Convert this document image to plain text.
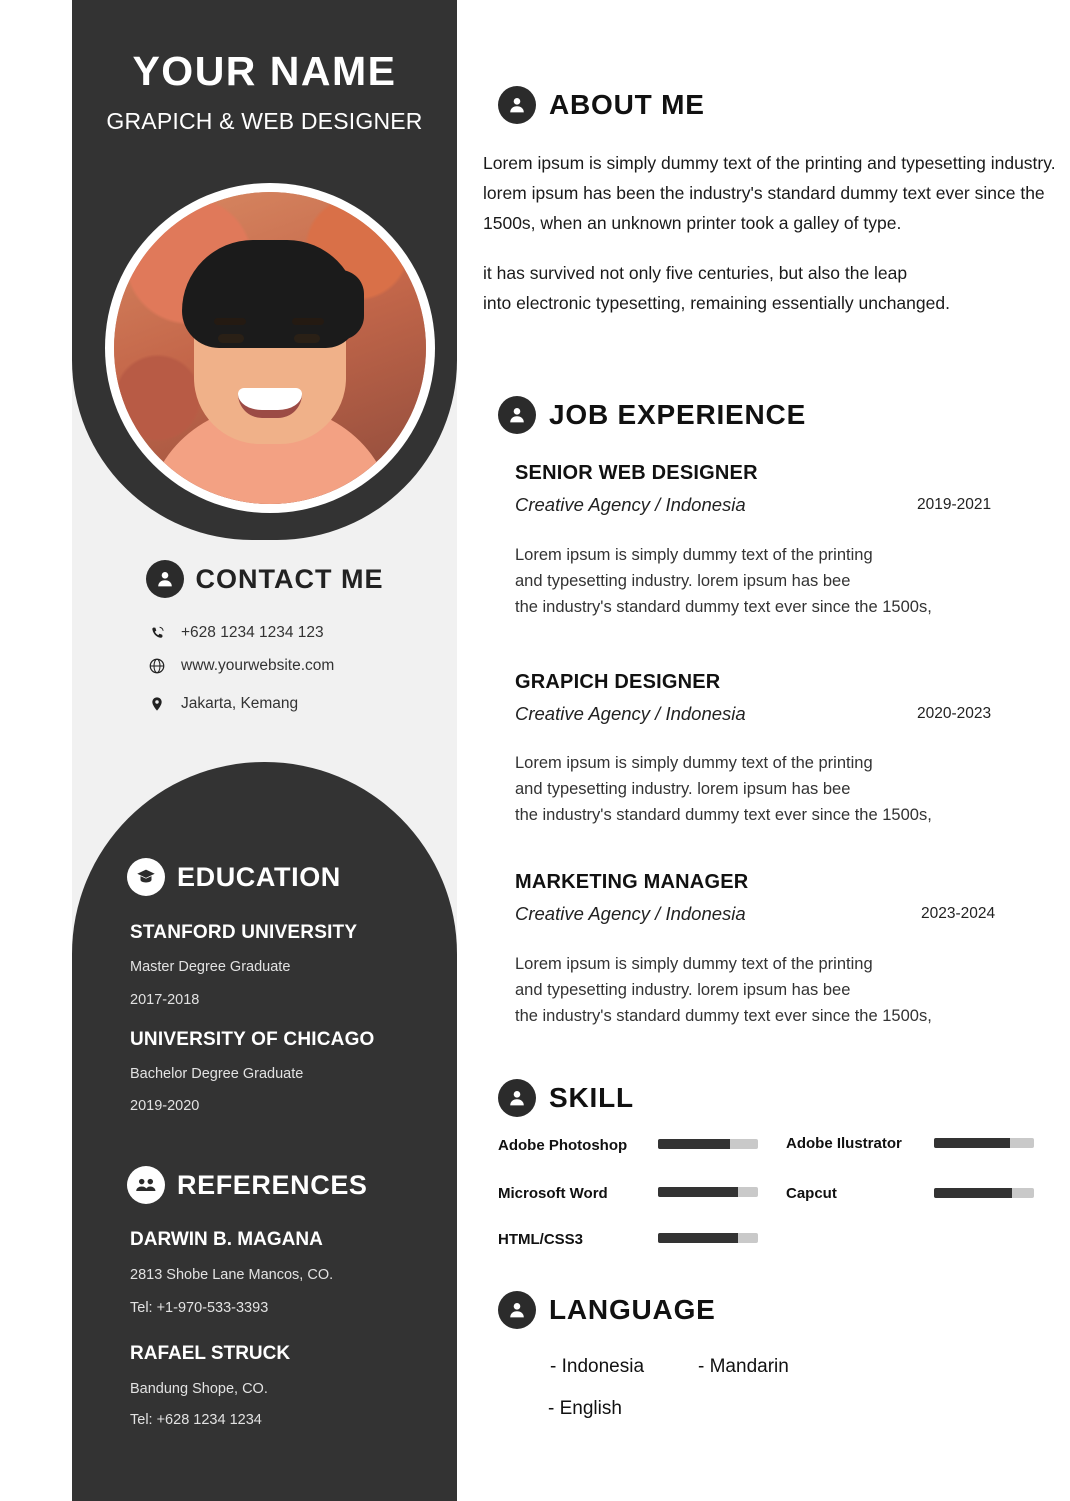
YOUR NAME
GRAPICH & WEB DESIGNER
CONTACT ME
+628 1234 1234 123
www.yourwebsite.com
Jakarta, Kemang
EDUCATION
STANFORD UNIVERSITY
Master Degree Graduate
2017-2018
UNIVERSITY OF CHICAGO
Bachelor Degree Graduate
2019-2020
REFERENCES
DARWIN B. MAGANA
2813 Shobe Lane Mancos, CO.
Tel: +1-970-533-3393
RAFAEL STRUCK
Bandung Shope, CO.
Tel: +628 1234 1234
ABOUT ME
Lorem ipsum is simply dummy text of the printing and typesetting industry. lorem ipsum has been the industry's standard dummy text ever since the 1500s, when an unknown printer took a galley of type.
it has survived not only five centuries, but also the leap
into electronic typesetting, remaining essentially unchanged.
JOB EXPERIENCE
SENIOR WEB DESIGNER
Creative Agency / Indonesia	2019-2021
Lorem ipsum is simply dummy text of the printing
and typesetting industry. lorem ipsum has bee
the industry's standard dummy text ever since the 1500s,
GRAPICH DESIGNER
Creative Agency / Indonesia	2020-2023
Lorem ipsum is simply dummy text of the printing
and typesetting industry. lorem ipsum has bee
the industry's standard dummy text ever since the 1500s,
MARKETING MANAGER
Creative Agency / Indonesia	2023-2024
Lorem ipsum is simply dummy text of the printing
and typesetting industry. lorem ipsum has bee
the industry's standard dummy text ever since the 1500s,
SKILL
Adobe Photoshop	Adobe Ilustrator
Microsoft Word	Capcut
HTML/CSS3
LANGUAGE
- Indonesia	- Mandarin
- English
